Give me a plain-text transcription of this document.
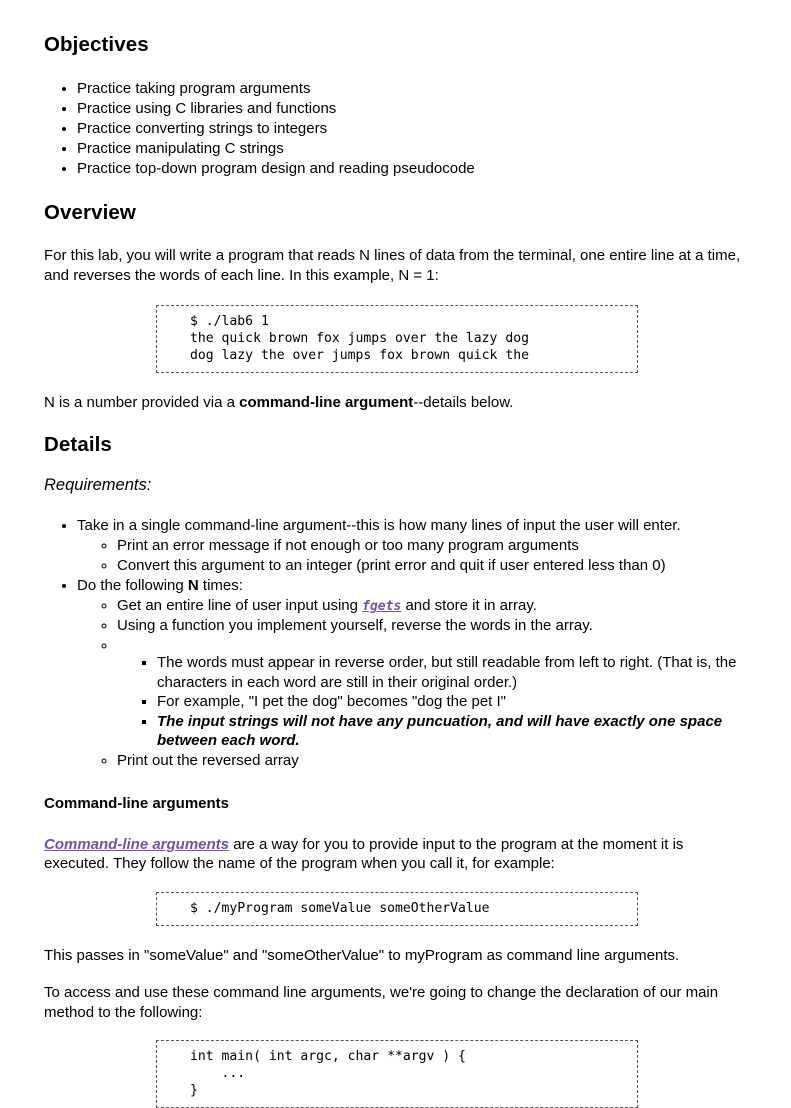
Objectives
• Practice taking program arguments
• Practice using C libraries and functions
• Practice converting strings to integers
• Practice manipulating C strings
• Practice top-down program design and reading pseudocode
Overview

For this lab, you will write a program that reads N lines of data from the terminal, one entire line at a time, and reverses the words of each line. In this example, N = 1:

$ ./lab6 1
the quick brown fox jumps over the lazy dog
dog lazy the over jumps fox brown quick the

N is a number provided via a command-line argument--details below.

Details

Requirements:

• Take in a single command-line argument--this is how many lines of input the user will enter.
◦ Print an error message if not enough or too many program arguments
◦ Convert this argument to an integer (print error and quit if user entered less than 0)
• Do the following N times:
◦ Get an entire line of user input using fgets and store it in array.
◦ Using a function you implement yourself, reverse the words in the array.
◦
▪ The words must appear in reverse order, but still readable from left to right. (That is, the characters in each word are still in their original order.)
▪ For example, "I pet the dog" becomes "dog the pet I"
▪ The input strings will not have any puncuation, and will have exactly one space between each word.
◦ Print out the reversed array
Command-line arguments

Command-line arguments are a way for you to provide input to the program at the moment it is executed. They follow the name of the program when you call it, for example:

$ ./myProgram someValue someOtherValue

This passes in "someValue" and "someOtherValue" to myProgram as command line arguments.

To access and use these command line arguments, we're going to change the declaration of our main method to the following:

int main( int argc, char **argv ) {
...
}
